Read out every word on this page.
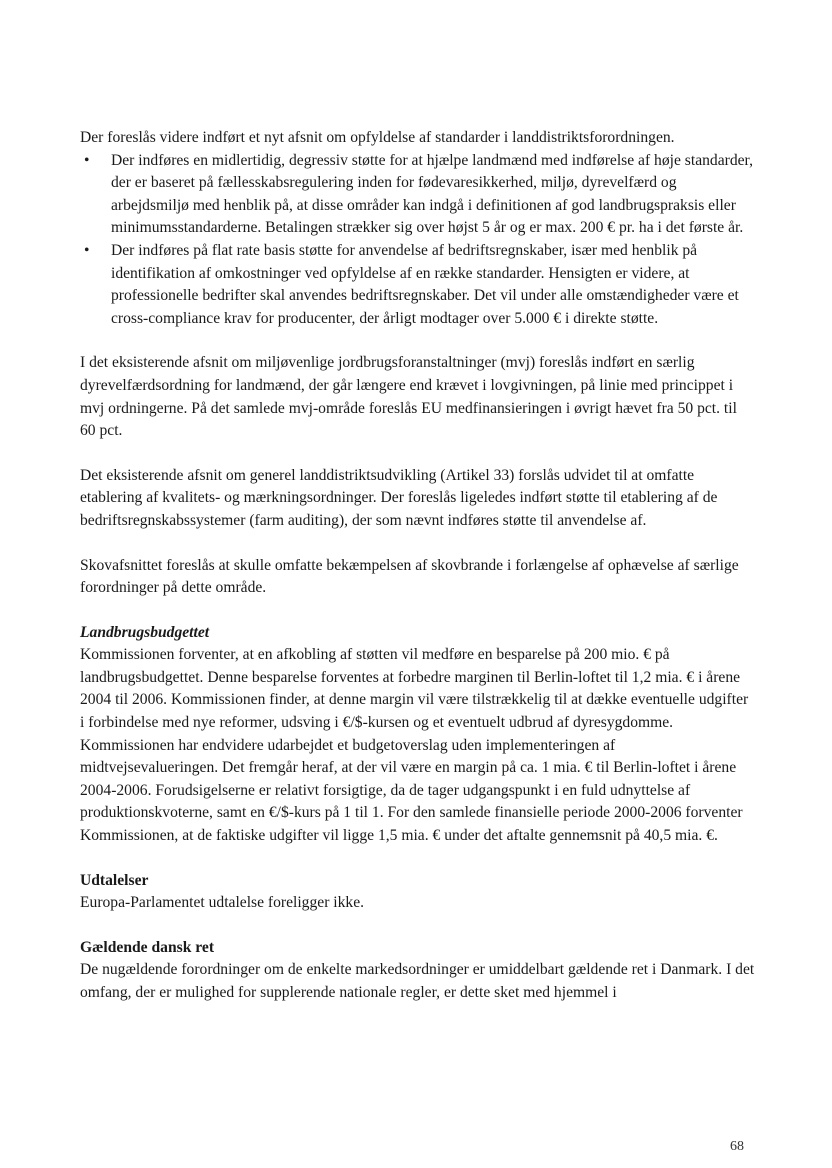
Der foreslås videre indført et nyt afsnit om opfyldelse af standarder i landdistriktsforordningen.

• Der indføres en midlertidig, degressiv støtte for at hjælpe landmænd med indførelse af høje standarder, der er baseret på fællesskabsregulering inden for fødevaresikkerhed, miljø, dyrevelfærd og arbejdsmiljø med henblik på, at disse områder kan indgå i definitionen af god landbrugspraksis eller minimumsstandarderne. Betalingen strækker sig over højst 5 år og er max. 200 € pr. ha i det første år.
• Der indføres på flat rate basis støtte for anvendelse af bedriftsregnskaber, især med henblik på identifikation af omkostninger ved opfyldelse af en række standarder. Hensigten er videre, at professionelle bedrifter skal anvendes bedriftsregnskaber. Det vil under alle omstændigheder være et cross-compliance krav for producenter, der årligt modtager over 5.000 € i direkte støtte.

I det eksisterende afsnit om miljøvenlige jordbrugsforanstaltninger (mvj) foreslås indført en særlig dyrevelfærdsordning for landmænd, der går længere end krævet i lovgivningen, på linie med princippet i mvj ordningerne. På det samlede mvj-område foreslås EU medfinansieringen i øvrigt hævet fra 50 pct. til 60 pct.

Det eksisterende afsnit om generel landdistriktsudvikling (Artikel 33) forslås udvidet til at omfatte etablering af kvalitets- og mærkningsordninger. Der foreslås ligeledes indført støtte til etablering af de bedriftsregnskabssystemer (farm auditing), der som nævnt indføres støtte til anvendelse af.

Skovafsnittet foreslås at skulle omfatte bekæmpelsen af skovbrande i forlængelse af ophævelse af særlige forordninger på dette område.

Landbrugsbudgettet

Kommissionen forventer, at en afkobling af støtten vil medføre en besparelse på 200 mio. € på landbrugsbudgettet. Denne besparelse forventes at forbedre marginen til Berlin-loftet til 1,2 mia. € i årene 2004 til 2006. Kommissionen finder, at denne margin vil være tilstrækkelig til at dække eventuelle udgifter i forbindelse med nye reformer, udsving i €/$-kursen og et eventuelt udbrud af dyresygdomme. Kommissionen har endvidere udarbejdet et budgetoverslag uden implementeringen af midtvejsevalueringen. Det fremgår heraf, at der vil være en margin på ca. 1 mia. € til Berlin-loftet i årene 2004-2006. Forudsigelserne er relativt forsigtige, da de tager udgangspunkt i en fuld udnyttelse af produktionskvoterne, samt en €/$-kurs på 1 til 1. For den samlede finansielle periode 2000-2006 forventer Kommissionen, at de faktiske udgifter vil ligge 1,5 mia. € under det aftalte gennemsnit på 40,5 mia. €.

Udtalelser

Europa-Parlamentet udtalelse foreligger ikke.

Gældende dansk ret

De nugældende forordninger om de enkelte markedsordninger er umiddelbart gældende ret i Danmark. I det omfang, der er mulighed for supplerende nationale regler, er dette sket med hjemmel i

68
